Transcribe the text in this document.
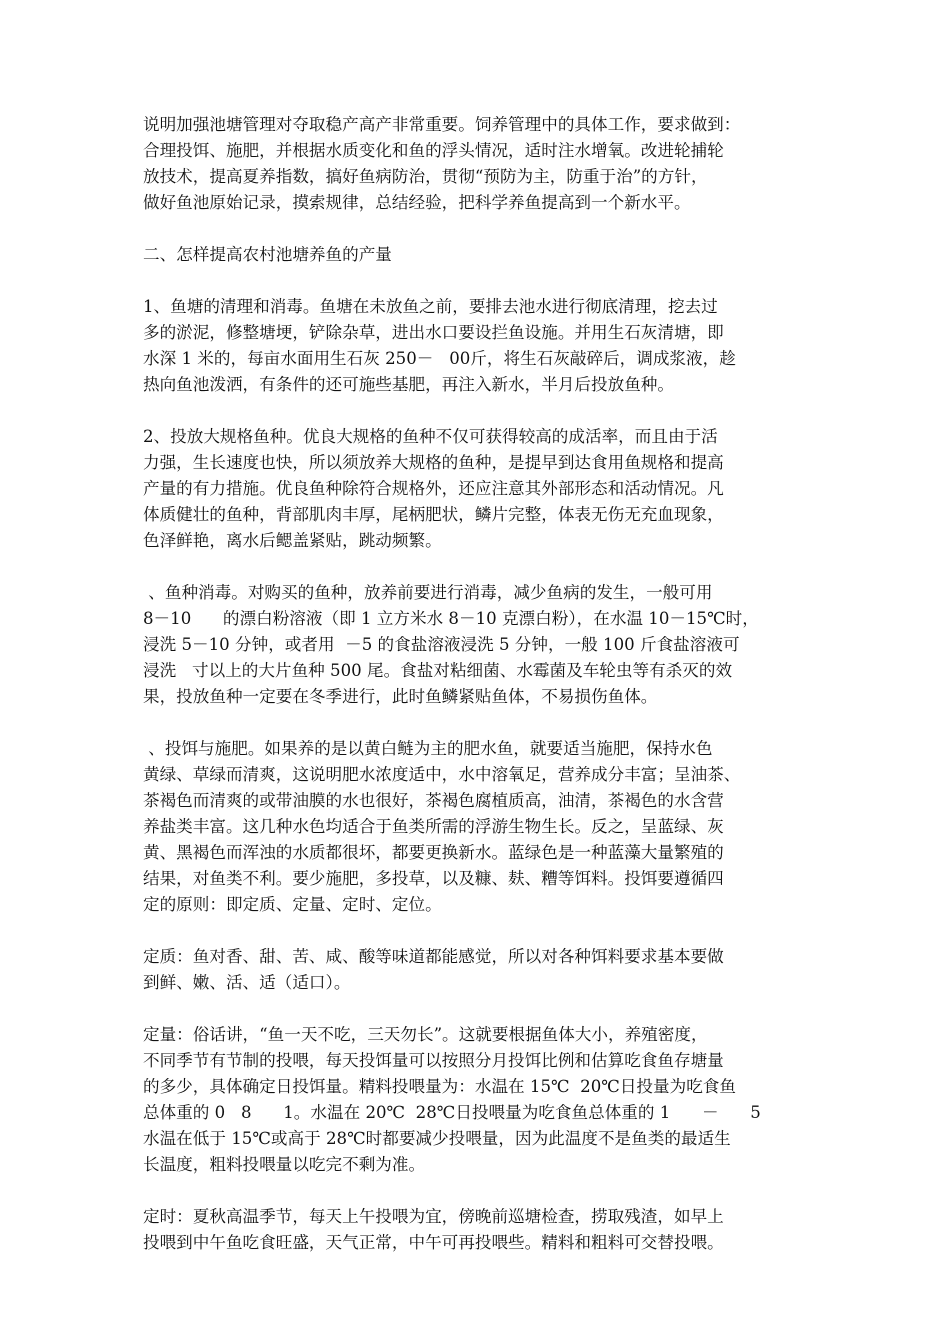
说明加强池塘管理对夺取稳产高产非常重要。饲养管理中的具体工作，要求做到：
合理投饵、施肥，并根据水质变化和鱼的浮头情况，适时注水增氧。改进轮捕轮
放技术，提高夏养指数，搞好鱼病防治，贯彻“预防为主，防重于治”的方针，
做好鱼池原始记录，摸索规律，总结经验，把科学养鱼提高到一个新水平。
二、怎样提高农村池塘养鱼的产量
1、鱼塘的清理和消毒。鱼塘在未放鱼之前，要排去池水进行彻底清理，挖去过
多的淤泥，修整塘埂，铲除杂草，进出水口要设拦鱼设施。并用生石灰清塘，即
水深 1 米的，每亩水面用生石灰 250－   00斤，将生石灰敲碎后，调成浆液，趁
热向鱼池泼洒，有条件的还可施些基肥，再注入新水，半月后投放鱼种。
2、投放大规格鱼种。优良大规格的鱼种不仅可获得较高的成活率，而且由于活
力强，生长速度也快，所以须放养大规格的鱼种，是提早到达食用鱼规格和提高
产量的有力措施。优良鱼种除符合规格外，还应注意其外部形态和活动情况。凡
体质健壮的鱼种，背部肌肉丰厚，尾柄肥状，鳞片完整，体表无伤无充血现象，
色泽鲜艳，离水后鳃盖紧贴，跳动频繁。
、鱼种消毒。对购买的鱼种，放养前要进行消毒，减少鱼病的发生，一般可用
8－10      的漂白粉溶液（即 1 立方米水 8－10 克漂白粉），在水温 10－15℃时，
浸洗 5－10 分钟，或者用  －5 的食盐溶液浸洗 5 分钟，一般 100 斤食盐溶液可
浸洗   寸以上的大片鱼种 500 尾。食盐对粘细菌、水霉菌及车轮虫等有杀灭的效
果，投放鱼种一定要在冬季进行，此时鱼鳞紧贴鱼体，不易损伤鱼体。
、投饵与施肥。如果养的是以黄白鲢为主的肥水鱼，就要适当施肥，保持水色
黄绿、草绿而清爽，这说明肥水浓度适中，水中溶氧足，营养成分丰富；呈油茶、
茶褐色而清爽的或带油膜的水也很好，茶褐色腐植质高，油清，茶褐色的水含营
养盐类丰富。这几种水色均适合于鱼类所需的浮游生物生长。反之，呈蓝绿、灰
黄、黑褐色而浑浊的水质都很坏，都要更换新水。蓝绿色是一种蓝藻大量繁殖的
结果，对鱼类不利。要少施肥，多投草，以及糠、麸、糟等饵料。投饵要遵循四
定的原则：即定质、定量、定时、定位。
定质：鱼对香、甜、苦、咸、酸等味道都能感觉，所以对各种饵料要求基本要做
到鲜、嫩、活、适（适口）。
定量：俗话讲，“鱼一天不吃，三天勿长”。这就要根据鱼体大小，养殖密度，
不同季节有节制的投喂，每天投饵量可以按照分月投饵比例和估算吃食鱼存塘量
的多少，具体确定日投饵量。精料投喂量为：水温在 15℃  20℃日投量为吃食鱼
总体重的 0   8      1。水温在 20℃  28℃日投喂量为吃食鱼总体重的 1      －      5
水温在低于 15℃或高于 28℃时都要减少投喂量，因为此温度不是鱼类的最适生
长温度，粗料投喂量以吃完不剩为准。
定时：夏秋高温季节，每天上午投喂为宜，傍晚前巡塘检查，捞取残渣，如早上
投喂到中午鱼吃食旺盛，天气正常，中午可再投喂些。精料和粗料可交替投喂。
